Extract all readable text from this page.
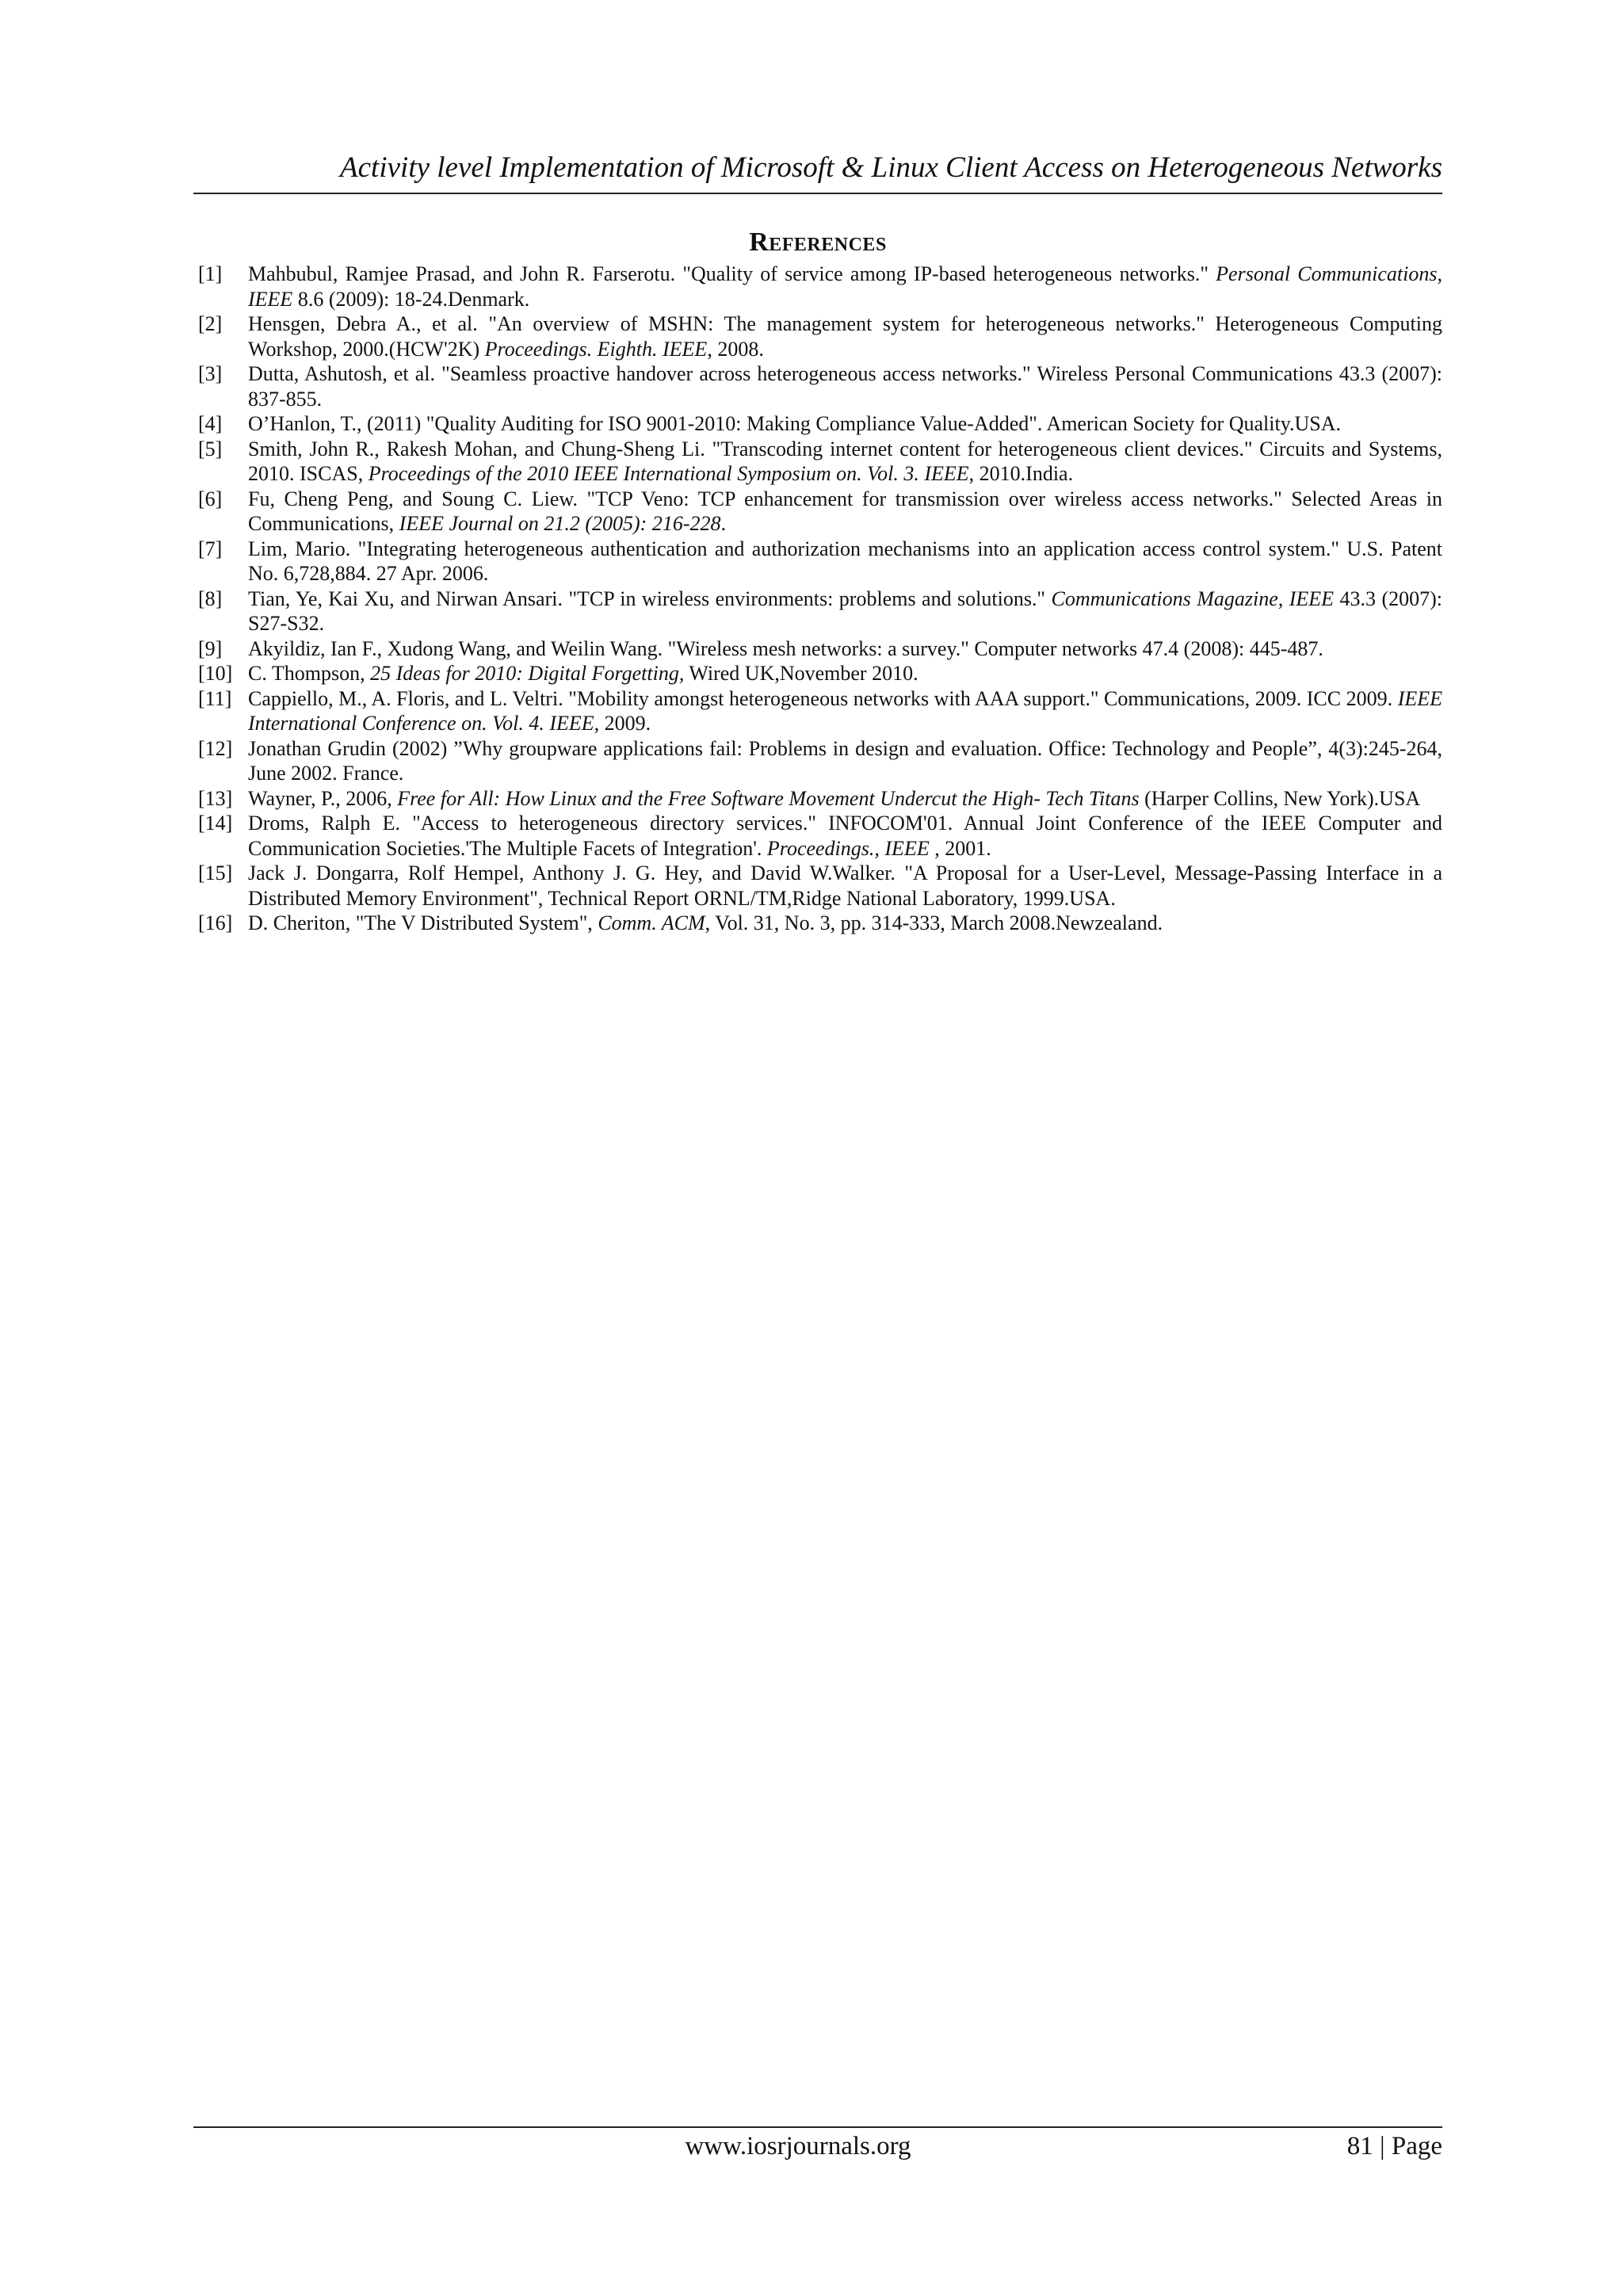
Activity level Implementation of Microsoft & Linux Client Access on Heterogeneous Networks
References
[1]	Mahbubul, Ramjee Prasad, and John R. Farserotu. "Quality of service among IP-based heterogeneous networks." Personal Communications, IEEE 8.6 (2009): 18-24.Denmark.
[2]	Hensgen, Debra A., et al. "An overview of MSHN: The management system for heterogeneous networks." Heterogeneous Computing Workshop, 2000.(HCW'2K) Proceedings. Eighth. IEEE, 2008.
[3]	Dutta, Ashutosh, et al. "Seamless proactive handover across heterogeneous access networks." Wireless Personal Communications 43.3 (2007): 837-855.
[4]	O’Hanlon, T., (2011) "Quality Auditing for ISO 9001-2010: Making Compliance Value-Added". American Society for Quality.USA.
[5]	Smith, John R., Rakesh Mohan, and Chung-Sheng Li. "Transcoding internet content for heterogeneous client devices." Circuits and Systems, 2010. ISCAS, Proceedings of the 2010 IEEE International Symposium on. Vol. 3. IEEE, 2010.India.
[6]	Fu, Cheng Peng, and Soung C. Liew. "TCP Veno: TCP enhancement for transmission over wireless access networks." Selected Areas in Communications, IEEE Journal on 21.2 (2005): 216-228.
[7]	Lim, Mario. "Integrating heterogeneous authentication and authorization mechanisms into an application access control system." U.S. Patent No. 6,728,884. 27 Apr. 2006.
[8]	Tian, Ye, Kai Xu, and Nirwan Ansari. "TCP in wireless environments: problems and solutions." Communications Magazine, IEEE 43.3 (2007): S27-S32.
[9]	Akyildiz, Ian F., Xudong Wang, and Weilin Wang. "Wireless mesh networks: a survey." Computer networks 47.4 (2008): 445-487.
[10] C. Thompson, 25 Ideas for 2010: Digital Forgetting, Wired UK,November 2010.
[11] Cappiello, M., A. Floris, and L. Veltri. "Mobility amongst heterogeneous networks with AAA support." Communications, 2009. ICC 2009. IEEE International Conference on. Vol. 4. IEEE, 2009.
[12] Jonathan Grudin (2002) ”Why groupware applications fail: Problems in design and evaluation. Office: Technology and People”, 4(3):245-264, June 2002. France.
[13] Wayner, P., 2006, Free for All: How Linux and the Free Software Movement Undercut the High- Tech Titans (Harper Collins, New York).USA
[14] Droms, Ralph E. "Access to heterogeneous directory services." INFOCOM'01. Annual Joint Conference of the IEEE Computer and Communication Societies.'The Multiple Facets of Integration'. Proceedings., IEEE , 2001.
[15] Jack J. Dongarra, Rolf Hempel, Anthony J. G. Hey, and David W.Walker. "A Proposal for a User-Level, Message-Passing Interface in a Distributed Memory Environment", Technical Report ORNL/TM,Ridge National Laboratory, 1999.USA.
[16] D. Cheriton, "The V Distributed System", Comm. ACM, Vol. 31, No. 3, pp. 314-333, March 2008.Newzealand.
www.iosrjournals.org	81 | Page
